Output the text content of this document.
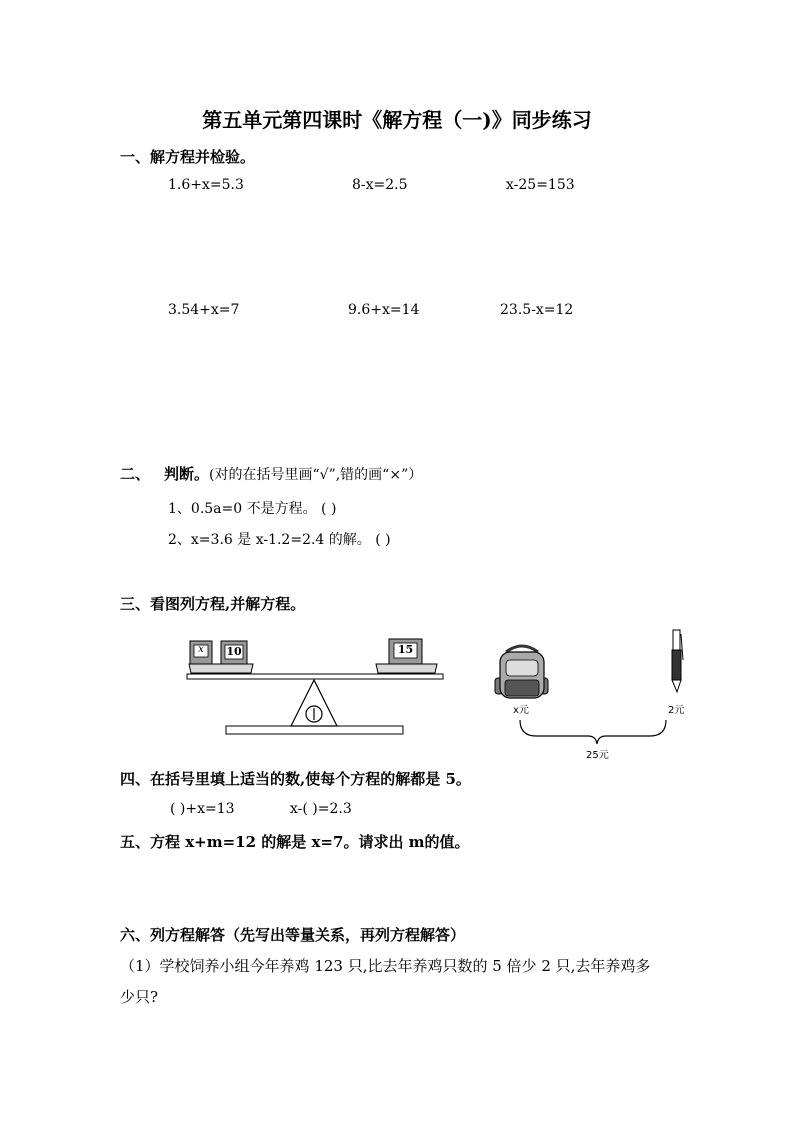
第五单元第四课时《解方程（一)》同步练习
一、解方程并检验。
1.6+x=5.3	8-x=2.5	x-25=153
3.54+x=7	9.6+x=14	23.5-x=12
二、 判断。(对的在括号里画“√”,错的画“×”）
1、0.5a=0 不是方程。 ( )
2、x=3.6 是 x-1.2=2.4 的解。 ( )
三、看图列方程,并解方程。
x 10	15
x元	2元
25元
四、在括号里填上适当的数,使每个方程的解都是 5。
( )+x=13	x-( )=2.3
五、方程 x+m=12 的解是 x=7。请求出 m的值。
六、列方程解答（先写出等量关系，再列方程解答）
（1）学校饲养小组今年养鸡 123 只,比去年养鸡只数的 5 倍少 2 只,去年养鸡多
少只?
